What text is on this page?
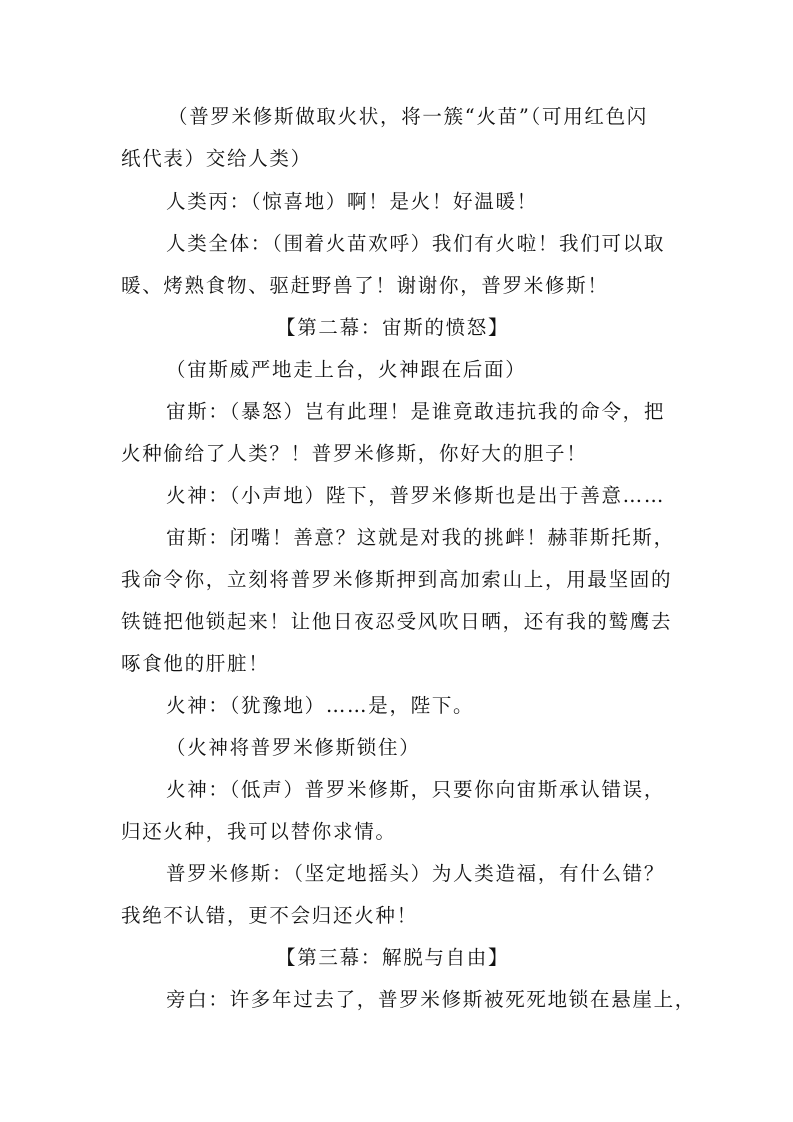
（普罗米修斯做取火状，将一簇“火苗”（可用红色闪
纸代表）交给人类）
人类丙：（惊喜地）啊！是火！好温暖！
人类全体：（围着火苗欢呼）我们有火啦！我们可以取
暖、烤熟食物、驱赶野兽了！谢谢你，普罗米修斯！
【第二幕：宙斯的愤怒】
（宙斯威严地走上台，火神跟在后面）
宙斯：（暴怒）岂有此理！是谁竟敢违抗我的命令，把
火种偷给了人类？！普罗米修斯，你好大的胆子！
火神：（小声地）陛下，普罗米修斯也是出于善意……
宙斯：闭嘴！善意？这就是对我的挑衅！赫菲斯托斯，
我命令你，立刻将普罗米修斯押到高加索山上，用最坚固的
铁链把他锁起来！让他日夜忍受风吹日晒，还有我的鹫鹰去
啄食他的肝脏！
火神：（犹豫地）……是，陛下。
（火神将普罗米修斯锁住）
火神：（低声）普罗米修斯，只要你向宙斯承认错误，
归还火种，我可以替你求情。
普罗米修斯：（坚定地摇头）为人类造福，有什么错？
我绝不认错，更不会归还火种！
【第三幕：解脱与自由】
旁白：许多年过去了，普罗米修斯被死死地锁在悬崖上，
